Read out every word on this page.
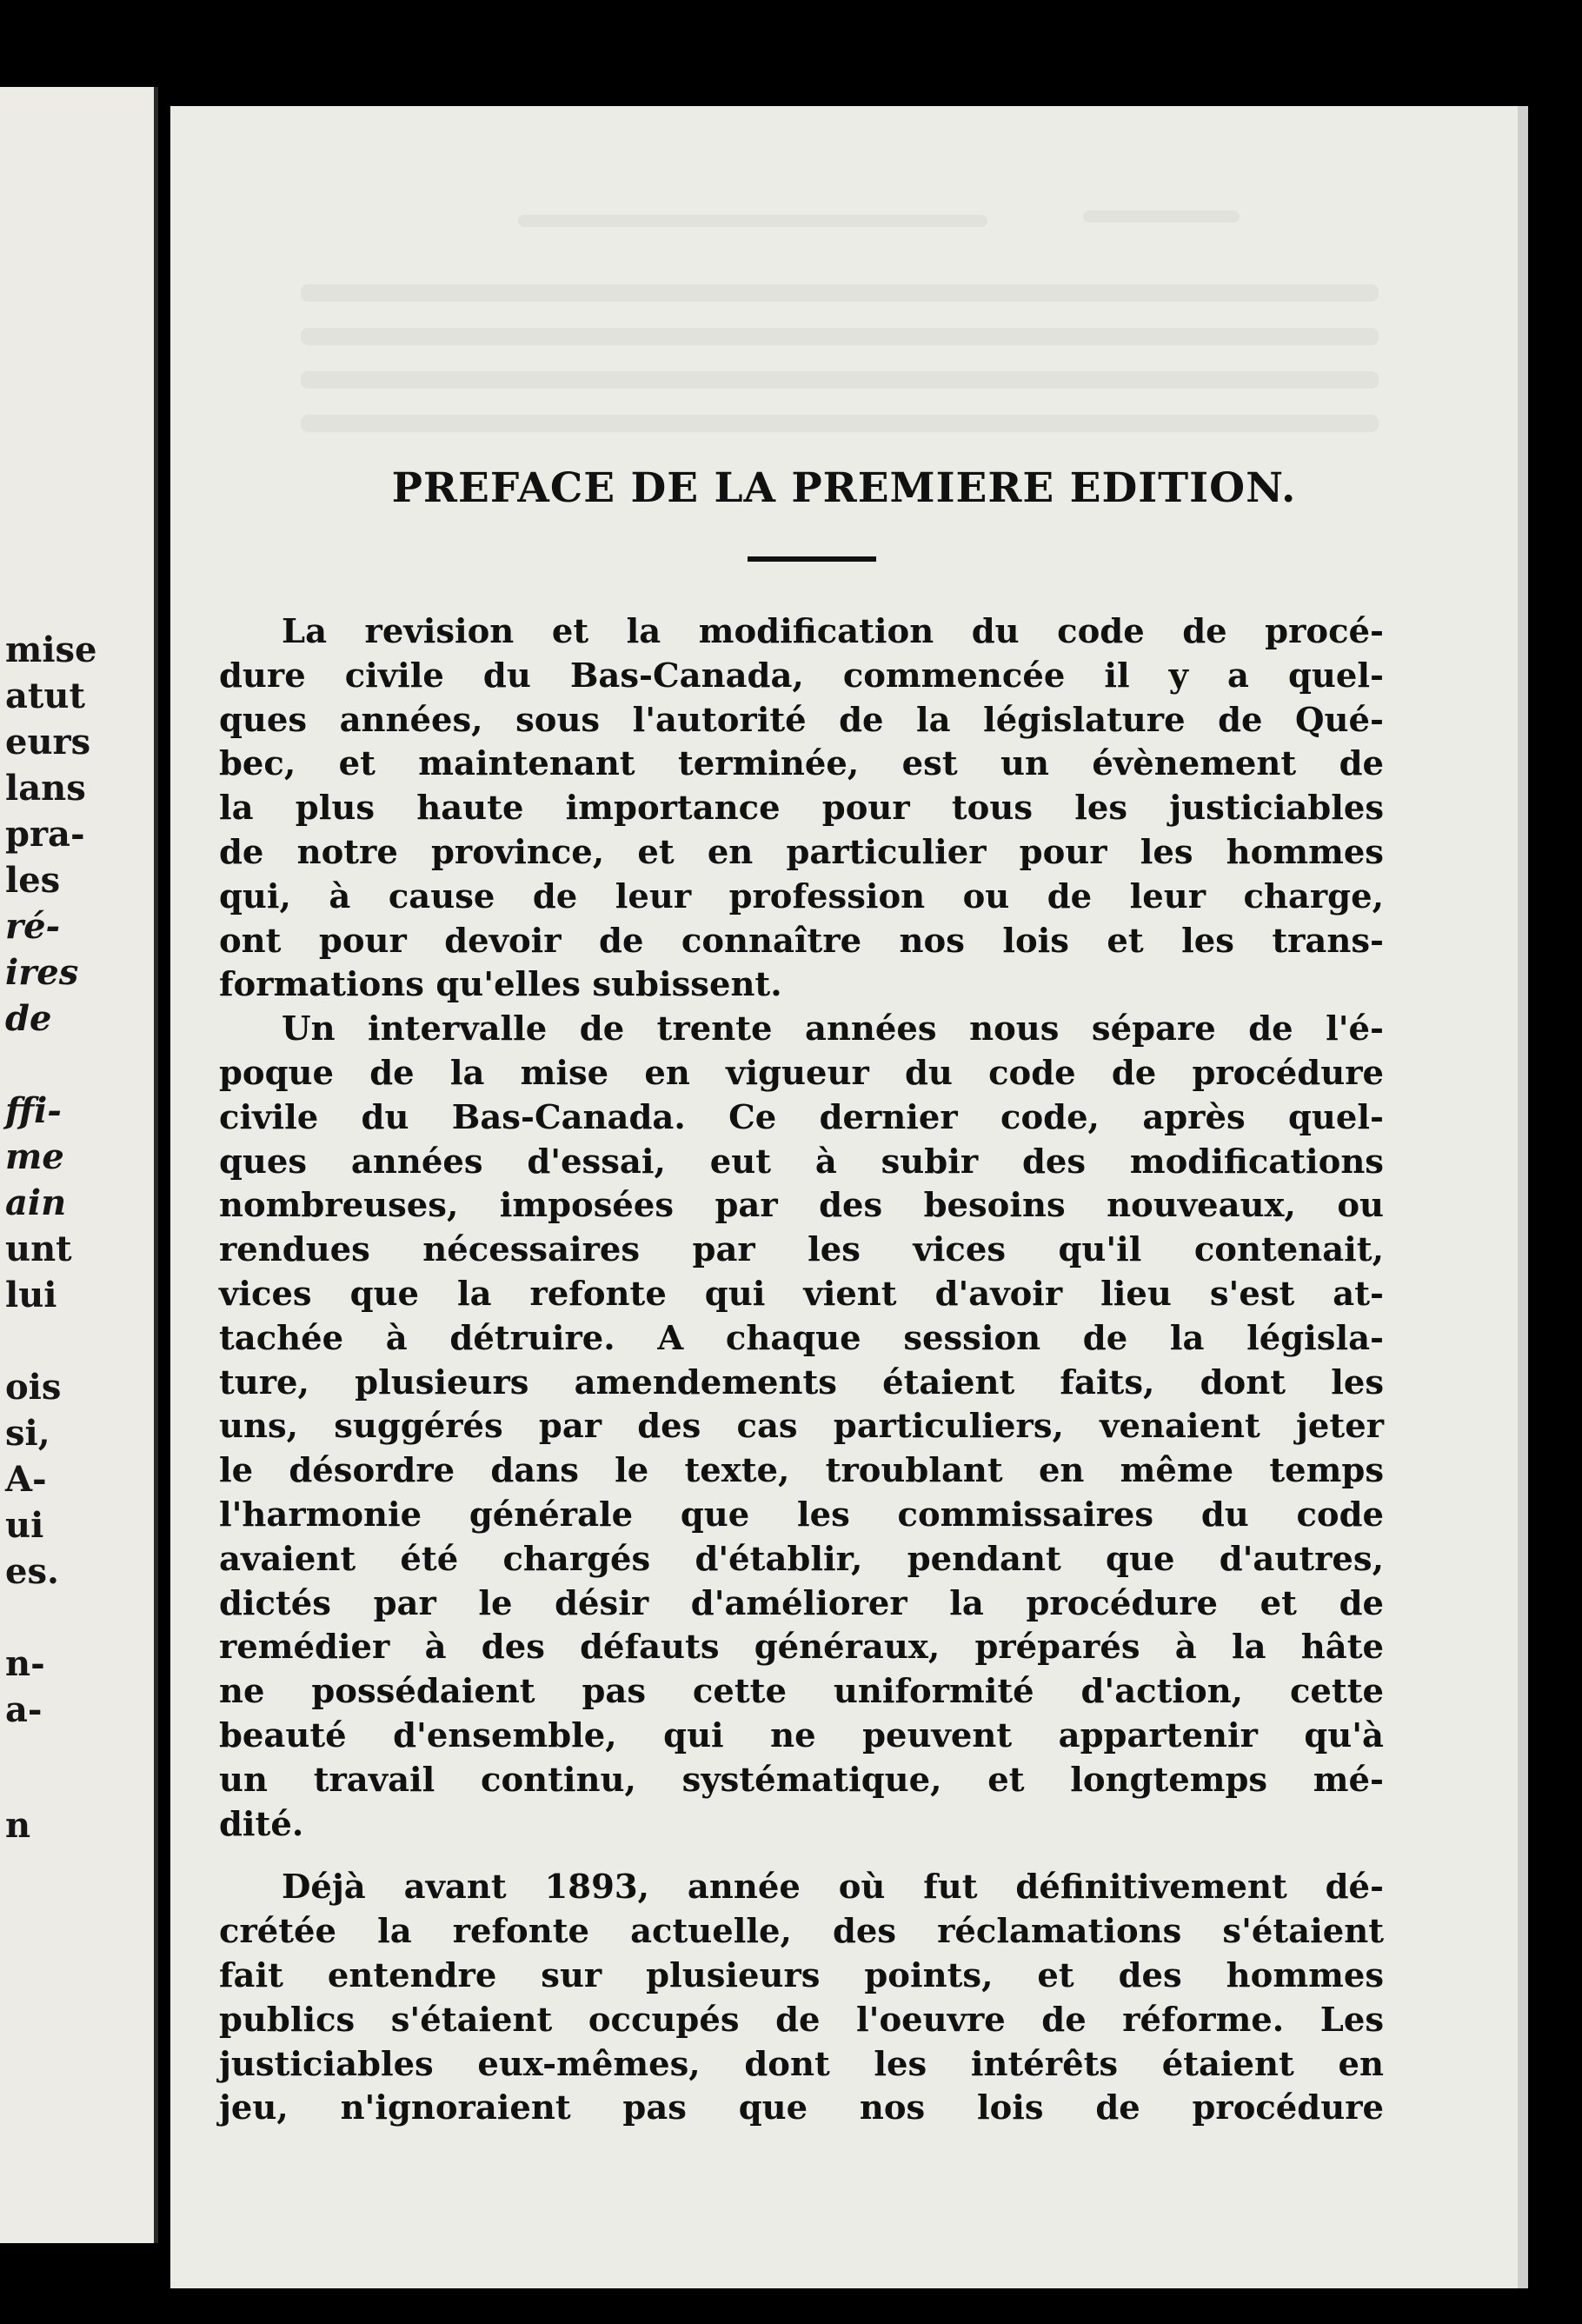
mise
atut
eurs
lans
pra-
les
ré-
ires
de
ffi-
me
ain
unt
lui
ois
si,
A-
ui
es.
n-
a-
n
PREFACE DE LA PREMIERE EDITION.

La revision et la modification du code de procé-
dure civile du Bas-Canada, commencée il y a quel-
ques années, sous l'autorité de la législature de Qué-
bec, et maintenant terminée, est un évènement de
la plus haute importance pour tous les justiciables
de notre province, et en particulier pour les hommes
qui, à cause de leur profession ou de leur charge,
ont pour devoir de connaître nos lois et les trans-
formations qu'elles subissent.

Un intervalle de trente années nous sépare de l'é-
poque de la mise en vigueur du code de procédure
civile du Bas-Canada. Ce dernier code, après quel-
ques années d'essai, eut à subir des modifications
nombreuses, imposées par des besoins nouveaux, ou
rendues nécessaires par les vices qu'il contenait,
vices que la refonte qui vient d'avoir lieu s'est at-
tachée à détruire. A chaque session de la législa-
ture, plusieurs amendements étaient faits, dont les
uns, suggérés par des cas particuliers, venaient jeter
le désordre dans le texte, troublant en même temps
l'harmonie générale que les commissaires du code
avaient été chargés d'établir, pendant que d'autres,
dictés par le désir d'améliorer la procédure et de
remédier à des défauts généraux, préparés à la hâte
ne possédaient pas cette uniformité d'action, cette
beauté d'ensemble, qui ne peuvent appartenir qu'à
un travail continu, systématique, et longtemps mé-
dité.

Déjà avant 1893, année où fut définitivement dé-
crétée la refonte actuelle, des réclamations s'étaient
fait entendre sur plusieurs points, et des hommes
publics s'étaient occupés de l'oeuvre de réforme. Les
justiciables eux-mêmes, dont les intérêts étaient en
jeu, n'ignoraient pas que nos lois de procédure
